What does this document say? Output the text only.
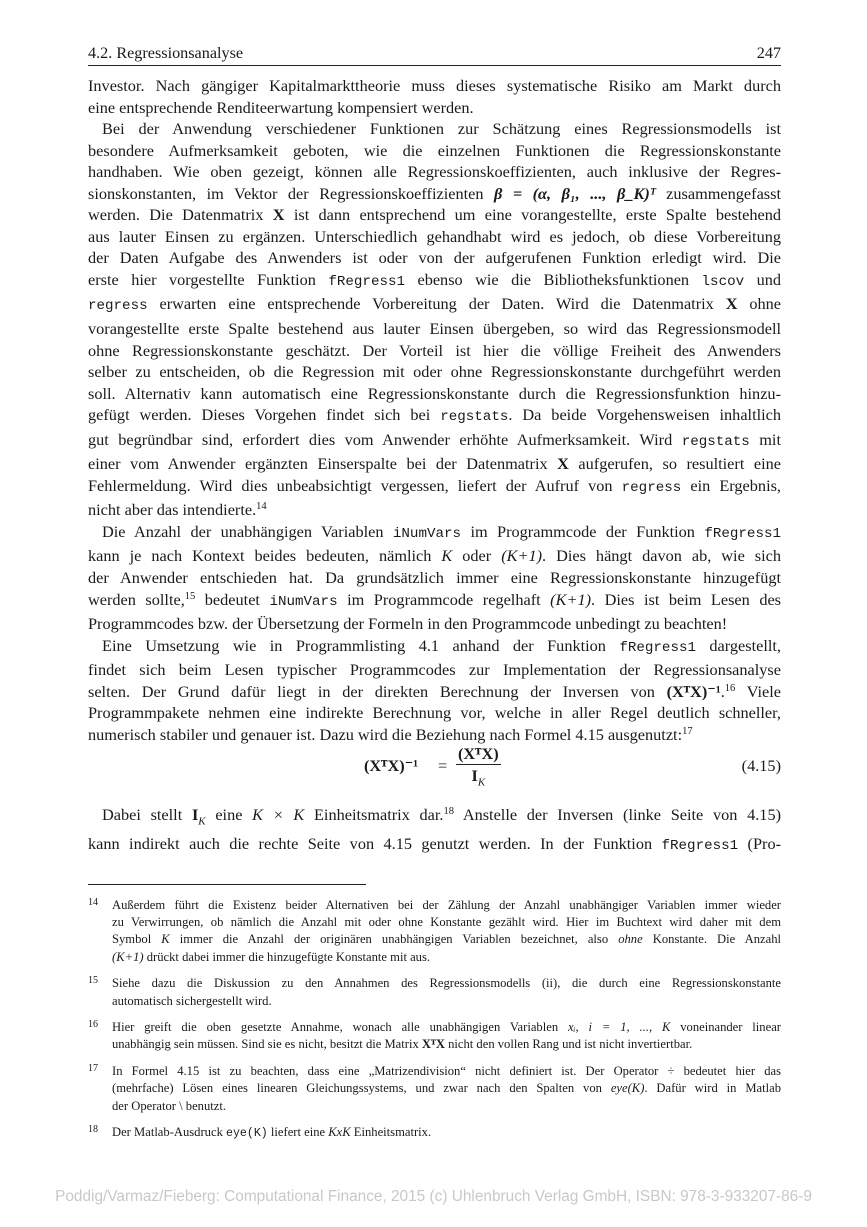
4.2. Regressionsanalyse	247

Investor. Nach gängiger Kapitalmarkttheorie muss dieses systematische Risiko am Markt durch
eine entsprechende Renditeerwartung kompensiert werden.

Bei der Anwendung verschiedener Funktionen zur Schätzung eines Regressionsmodells ist
besondere Aufmerksamkeit geboten, wie die einzelnen Funktionen die Regressionskonstante
handhaben. Wie oben gezeigt, können alle Regressionskoeffizienten, auch inklusive der Regres-
sionskonstanten, im Vektor der Regressionskoeffizienten β = (α, β₁, ..., β_K)ᵀ zusammengefasst
werden. Die Datenmatrix X ist dann entsprechend um eine vorangestellte, erste Spalte bestehend
aus lauter Einsen zu ergänzen. Unterschiedlich gehandhabt wird es jedoch, ob diese Vorbereitung
der Daten Aufgabe des Anwenders ist oder von der aufgerufenen Funktion erledigt wird. Die
erste hier vorgestellte Funktion fRegress1 ebenso wie die Bibliotheksfunktionen lscov und
regress erwarten eine entsprechende Vorbereitung der Daten. Wird die Datenmatrix X ohne
vorangestellte erste Spalte bestehend aus lauter Einsen übergeben, so wird das Regressionsmodell
ohne Regressionskonstante geschätzt. Der Vorteil ist hier die völlige Freiheit des Anwenders
selber zu entscheiden, ob die Regression mit oder ohne Regressionskonstante durchgeführt werden
soll. Alternativ kann automatisch eine Regressionskonstante durch die Regressionsfunktion hinzu-
gefügt werden. Dieses Vorgehen findet sich bei regstats. Da beide Vorgehensweisen inhaltlich
gut begründbar sind, erfordert dies vom Anwender erhöhte Aufmerksamkeit. Wird regstats mit
einer vom Anwender ergänzten Einserspalte bei der Datenmatrix X aufgerufen, so resultiert eine
Fehlermeldung. Wird dies unbeabsichtigt vergessen, liefert der Aufruf von regress ein Ergebnis,
nicht aber das intendierte.$^{14}$

Die Anzahl der unabhängigen Variablen iNumVars im Programmcode der Funktion fRegress1
kann je nach Kontext beides bedeuten, nämlich K oder (K+1). Dies hängt davon ab, wie sich
der Anwender entschieden hat. Da grundsätzlich immer eine Regressionskonstante hinzugefügt
werden sollte,$^{15}$ bedeutet iNumVars im Programmcode regelhaft (K+1). Dies ist beim Lesen des
Programmcodes bzw. der Übersetzung der Formeln in den Programmcode unbedingt zu beachten!

Eine Umsetzung wie in Programmlisting 4.1 anhand der Funktion fRegress1 dargestellt,
findet sich beim Lesen typischer Programmcodes zur Implementation der Regressionsanalyse
selten. Der Grund dafür liegt in der direkten Berechnung der Inversen von (XᵀX)⁻¹.$^{16}$ Viele
Programmpakete nehmen eine indirekte Berechnung vor, welche in aller Regel deutlich schneller,
numerisch stabiler und genauer ist. Dazu wird die Beziehung nach Formel 4.15 ausgenutzt:$^{17}$

(XᵀX)⁻¹ =
(XᵀX)
$I_K$
(4.15)
Dabei stellt $I_K$ eine K × K Einheitsmatrix dar.$^{18}$ Anstelle der Inversen (linke Seite von 4.15)
kann indirekt auch die rechte Seite von 4.15 genutzt werden. In der Funktion fRegress1 (Pro-
14 Außerdem führt die Existenz beider Alternativen bei der Zählung der Anzahl unabhängiger Variablen immer wieder
zu Verwirrungen, ob nämlich die Anzahl mit oder ohne Konstante gezählt wird. Hier im Buchtext wird daher mit dem
Symbol K immer die Anzahl der originären unabhängigen Variablen bezeichnet, also ohne Konstante. Die Anzahl
(K+1) drückt dabei immer die hinzugefügte Konstante mit aus.
15 Siehe dazu die Diskussion zu den Annahmen des Regressionsmodells (ii), die durch eine Regressionskonstante
automatisch sichergestellt wird.
16 Hier greift die oben gesetzte Annahme, wonach alle unabhängigen Variablen xᵢ, i = 1, ..., K voneinander linear
unabhängig sein müssen. Sind sie es nicht, besitzt die Matrix XᵀX nicht den vollen Rang und ist nicht invertiertbar.
17 In Formel 4.15 ist zu beachten, dass eine „Matrizendivision“ nicht definiert ist. Der Operator ÷ bedeutet hier das
(mehrfache) Lösen eines linearen Gleichungssystems, und zwar nach den Spalten von eye(K). Dafür wird in Matlab
der Operator \ benutzt.
18 Der Matlab-Ausdruck eye(K) liefert eine KxK Einheitsmatrix.
Poddig/Varmaz/Fieberg: Computational Finance, 2015 (c) Uhlenbruch Verlag GmbH, ISBN: 978-3-933207-86-9
